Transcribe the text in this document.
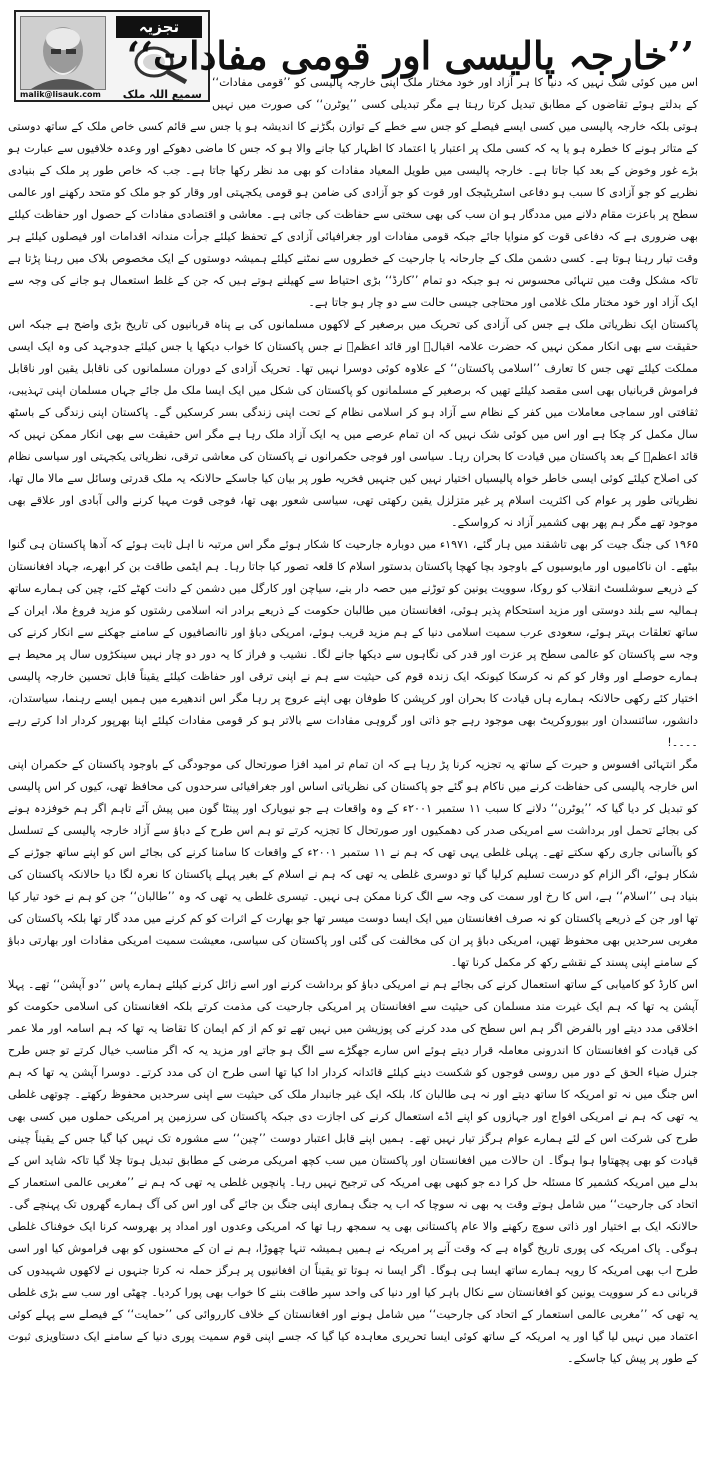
تجزیہ
malik@lisauk.com سمیع اللہ ملک
’’خارجہ پالیسی اور قومی مفادات‘‘

اس میں کوئی شک نہیں کہ دنیا کا ہر آزاد اور خود مختار ملک اپنی خارجہ پالیسی کو ’’قومی مفادات‘‘ کے بدلتے ہوئے تقاضوں کے مطابق تبدیل کرتا رہتا ہے مگر تبدیلی کسی ’’یوٹرن‘‘ کی صورت میں نہیں ہوتی بلکہ خارجہ پالیسی میں کسی ایسے فیصلے کو جس سے خطے کے توازن بگڑنے کا اندیشہ ہو یا جس سے قائم کسی خاص ملک کے ساتھ دوستی کے متاثر ہونے کا خطرہ ہو یا یہ کہ کسی ملک پر اعتبار یا اعتماد کا اظہار کیا جانے والا ہو کہ جس کا ماضی دھوکے اور وعدہ خلافیوں سے عبارت ہو بڑے غور وخوض کے بعد کیا جاتا ہے۔ خارجہ پالیسی میں طویل المعیاد مفادات کو بھی مد نظر رکھا جاتا ہے۔ جب کہ خاص طور پر ملک کے بنیادی نظریے کو جو آزادی کا سبب ہو دفاعی اسٹریٹیجک اور قوت کو جو آزادی کی ضامن ہو قومی یکجہتی اور وقار کو جو ملک کو متحد رکھنے اور عالمی سطح پر باعزت مقام دلانے میں مددگار ہو ان سب کی بھی سختی سے حفاظت کی جاتی ہے۔ معاشی و اقتصادی مفادات کے حصول اور حفاظت کیلئے بھی ضروری ہے کہ دفاعی قوت کو منوایا جائے جبکہ قومی مفادات اور جغرافیائی آزادی کے تحفظ کیلئے جرأت مندانہ اقدامات اور فیصلوں کیلئے ہر وقت تیار رہنا ہوتا ہے۔ کسی دشمن ملک کے جارحانہ یا جارحیت کے خطروں سے نمٹنے کیلئے ہمیشہ دوستوں کے ایک مخصوص بلاک میں رہنا پڑتا ہے تاکہ مشکل وقت میں تنہائی محسوس نہ ہو جبکہ دو تمام ’’کارڈ‘‘ بڑی احتیاط سے کھیلنے ہوتے ہیں کہ جن کے غلط استعمال ہو جانے کی وجہ سے ایک آزاد اور خود مختار ملک غلامی اور محتاجی جیسی حالت سے دو چار ہو جاتا ہے۔

پاکستان ایک نظریاتی ملک ہے جس کی آزادی کی تحریک میں برصغیر کے لاکھوں مسلمانوں کی بے پناہ قربانیوں کی تاریخ بڑی واضح ہے جبکہ اس حقیقت سے بھی انکار ممکن نہیں کہ حضرت علامہ اقبالؒ اور قائد اعظمؒ نے جس پاکستان کا خواب دیکھا یا جس کیلئے جدوجہد کی وہ ایک ایسی مملکت کیلئے تھی جس کا تعارف ’’اسلامی پاکستان‘‘ کے علاوہ کوئی دوسرا نہیں تھا۔ تحریک آزادی کے دوران مسلمانوں کی ناقابل یقین اور ناقابل فراموش قربانیاں بھی اسی مقصد کیلئے تھیں کہ برصغیر کے مسلمانوں کو پاکستان کی شکل میں ایک ایسا ملک مل جائے جہاں مسلمان اپنی تہذیبی، ثقافتی اور سماجی معاملات میں کفر کے نظام سے آزاد ہو کر اسلامی نظام کے تحت اپنی زندگی بسر کرسکیں گے۔ پاکستان اپنی زندگی کے باسٹھ سال مکمل کر چکا ہے اور اس میں کوئی شک نہیں کہ ان تمام عرصے میں یہ ایک آزاد ملک رہا ہے مگر اس حقیقت سے بھی انکار ممکن نہیں کہ قائد اعظمؒ کے بعد پاکستان میں قیادت کا بحران رہا۔ سیاسی اور فوجی حکمرانوں نے پاکستان کی معاشی ترقی، نظریاتی یکجہتی اور سیاسی نظام کی اصلاح کیلئے کوئی ایسی خاطر خواہ پالیسیاں اختیار نہیں کیں جنہیں فخریہ طور پر بیان کیا جاسکے حالانکہ یہ ملک قدرتی وسائل سے مالا مال تھا، نظریاتی طور پر عوام کی اکثریت اسلام پر غیر متزلزل یقین رکھتی تھی، سیاسی شعور بھی تھا، فوجی قوت مہیا کرنے والی آبادی اور علاقے بھی موجود تھے مگر ہم پھر بھی کشمیر آزاد نہ کرواسکے۔

۱۹۶۵ کی جنگ جیت کر بھی تاشقند میں ہار گئے، ۱۹۷۱ء میں دوبارہ جارحیت کا شکار ہوئے مگر اس مرتبہ نا اہل ثابت ہوئے کہ آدھا پاکستان ہی گنوا بیٹھے۔ ان ناکامیوں اور مایوسیوں کے باوجود بچا کھچا پاکستان بدستور اسلام کا قلعہ تصور کیا جاتا رہا۔ ہم ایٹمی طاقت بن کر ابھرے، جہاد افغانستان کے ذریعے سوشلسٹ انقلاب کو روکا، سوویت یونین کو توڑنے میں حصہ دار بنے، سیاچن اور کارگل میں دشمن کے دانت کھٹے کئے، چین کی ہمارے ساتھ ہمالیہ سے بلند دوستی اور مزید استحکام پذیر ہوئی، افغانستان میں طالبان حکومت کے ذریعے برادر انہ اسلامی رشتوں کو مزید فروغ ملا، ایران کے ساتھ تعلقات بہتر ہوئے، سعودی عرب سمیت اسلامی دنیا کے ہم مزید قریب ہوئے، امریکی دباؤ اور ناانصافیوں کے سامنے جھکنے سے انکار کرنے کی وجہ سے پاکستان کو عالمی سطح پر عزت اور قدر کی نگاہوں سے دیکھا جانے لگا۔ نشیب و فراز کا یہ دور دو چار نہیں سینکڑوں سال پر محیط ہے ہمارے حوصلے اور وقار کو کم نہ کرسکا کیونکہ ایک زندہ قوم کی حیثیت سے ہم نے اپنی ترقی اور حفاظت کیلئے یقیناً قابل تحسین خارجہ پالیسی اختیار کئے رکھی حالانکہ ہمارے ہاں قیادت کا بحران اور کرپشن کا طوفان بھی اپنے عروج پر رہا مگر اس اندھیرے میں ہمیں ایسے رہنما، سیاستدان، دانشور، سائنسدان اور بیوروکریٹ بھی موجود رہے جو ذاتی اور گروہی مفادات سے بالاتر ہو کر قومی مفادات کیلئے اپنا بھرپور کردار ادا کرتے رہے ۔۔۔۔!

مگر انتہائی افسوس و حیرت کے ساتھ یہ تجزیہ کرنا پڑ رہا ہے کہ ان تمام تر امید افزا صورتحال کی موجودگی کے باوجود پاکستان کے حکمران اپنی اس خارجہ پالیسی کی حفاظت کرنے میں ناکام ہو گئے جو پاکستان کی نظریاتی اساس اور جغرافیائی سرحدوں کی محافظ تھی، کیوں کر اس پالیسی کو تبدیل کر دیا گیا کہ ’’یوٹرن‘‘ دلانے کا سبب ۱۱ ستمبر ۲۰۰۱ء کے وہ واقعات ہے جو نیویارک اور پینٹا گون میں پیش آئے تاہم اگر ہم خوفزدہ ہونے کی بجائے تحمل اور برداشت سے امریکی صدر کی دھمکیوں اور صورتحال کا تجزیہ کرتے تو ہم اس طرح کے دباؤ سے آزاد خارجہ پالیسی کے تسلسل کو باآسانی جاری رکھ سکتے تھے۔ پہلی غلطی یہی تھی کہ ہم نے ۱۱ ستمبر ۲۰۰۱ء کے واقعات کا سامنا کرنے کی بجائے اس کو اپنے ساتھ جوڑنے کے شکار ہوئے، اگر الزام کو درست تسلیم کرلیا گیا تو دوسری غلطی یہ تھی کہ ہم نے اسلام کے بغیر پہلے پاکستان کا نعرہ لگا دیا حالانکہ پاکستان کی بنیاد ہی ’’اسلام‘‘ ہے، اس کا رخ اور سمت کی وجہ سے الگ کرنا ممکن ہی نہیں۔ تیسری غلطی یہ تھی کہ وہ ’’طالبان‘‘ جن کو ہم نے خود تیار کیا تھا اور جن کے ذریعے پاکستان کو نہ صرف افغانستان میں ایک ایسا دوست میسر تھا جو بھارت کے اثرات کو کم کرنے میں مدد گار تھا بلکہ پاکستان کی مغربی سرحدیں بھی محفوظ تھیں، امریکی دباؤ پر ان کی مخالفت کی گئی اور پاکستان کی سیاسی، معیشت سمیت امریکی مفادات اور بھارتی دباؤ کے سامنے اپنی پسند کے نقشے رکھ کر مکمل کرنا تھا۔

اس کارڈ کو کامیابی کے ساتھ استعمال کرنے کی بجائے ہم نے امریکی دباؤ کو برداشت کرنے اور اسے زائل کرنے کیلئے ہمارے پاس ’’دو آپشن‘‘ تھے۔ پہلا آپشن یہ تھا کہ ہم ایک غیرت مند مسلمان کی حیثیت سے افغانستان پر امریکی جارحیت کی مذمت کرتے بلکہ افغانستان کی اسلامی حکومت کو اخلاقی مدد دیتے اور بالفرض اگر ہم اس سطح کی مدد کرنے کی پوزیشن میں نہیں تھے تو کم از کم ایمان کا تقاضا یہ تھا کہ ہم اسامہ اور ملا عمر کی قیادت کو افغانستان کا اندرونی معاملہ قرار دیتے ہوئے اس سارے جھگڑے سے الگ ہو جاتے اور مزید یہ کہ اگر مناسب خیال کرتے تو جس طرح جنرل ضیاء الحق کے دور میں روسی فوجوں کو شکست دینے کیلئے قائدانہ کردار ادا کیا تھا اسی طرح ان کی مدد کرتے۔ دوسرا آپشن یہ تھا کہ ہم اس جنگ میں نہ تو امریکہ کا ساتھ دیتے اور نہ ہی طالبان کا، بلکہ ایک غیر جانبدار ملک کی حیثیت سے اپنی سرحدیں محفوظ رکھتے۔ چوتھی غلطی یہ تھی کہ ہم نے امریکی افواج اور جہازوں کو اپنے اڈے استعمال کرنے کی اجازت دی جبکہ پاکستان کی سرزمین پر امریکی حملوں میں کسی بھی طرح کی شرکت اس کے لئے ہمارے عوام ہرگز تیار نہیں تھے۔ ہمیں اپنے قابل اعتبار دوست ’’چین‘‘ سے مشورہ تک نہیں کیا گیا جس کے یقیناً چینی قیادت کو بھی پچھتاوا ہوا ہوگا۔ ان حالات میں افغانستان اور پاکستان میں سب کچھ امریکی مرضی کے مطابق تبدیل ہوتا چلا گیا تاکہ شاید اس کے بدلے میں امریکہ کشمیر کا مسئلہ حل کرا دے جو کبھی بھی امریکہ کی ترجیح نہیں رہا۔ پانچویں غلطی یہ تھی کہ ہم نے ’’مغربی عالمی استعمار کے اتحاد کی جارحیت‘‘ میں شامل ہوتے وقت یہ بھی نہ سوچا کہ اب یہ جنگ ہماری اپنی جنگ بن جائے گی اور اس کی آگ ہمارے گھروں تک پہنچے گی۔ حالانکہ ایک بے اختیار اور ذاتی سوچ رکھنے والا عام پاکستانی بھی یہ سمجھ رہا تھا کہ امریکی وعدوں اور امداد پر بھروسہ کرنا ایک خوفناک غلطی ہوگی۔ پاک امریکہ کی پوری تاریخ گواہ ہے کہ وقت آنے پر امریکہ نے ہمیں ہمیشہ تنہا چھوڑا، ہم نے ان کے محسنوں کو بھی فراموش کیا اور اسی طرح اب بھی امریکہ کا رویہ ہمارے ساتھ ایسا ہی ہوگا۔ اگر ایسا نہ ہوتا تو یقیناً ان افغانیوں پر ہرگز حملہ نہ کرتا جنہوں نے لاکھوں شہیدوں کی قربانی دے کر سوویت یونین کو افغانستان سے نکال باہر کیا اور دنیا کی واحد سپر طاقت بننے کا خواب بھی پورا کردیا۔ چھٹی اور سب سے بڑی غلطی یہ تھی کہ ’’مغربی عالمی استعمار کے اتحاد کی جارحیت‘‘ میں شامل ہونے اور افغانستان کے خلاف کارروائی کی ’’حمایت‘‘ کے فیصلے سے پہلے کوئی اعتماد میں نہیں لیا گیا اور یہ امریکہ کے ساتھ کوئی ایسا تحریری معاہدہ کیا گیا کہ جسے اپنی قوم سمیت پوری دنیا کے سامنے ایک دستاویزی ثبوت کے طور پر پیش کیا جاسکے۔
